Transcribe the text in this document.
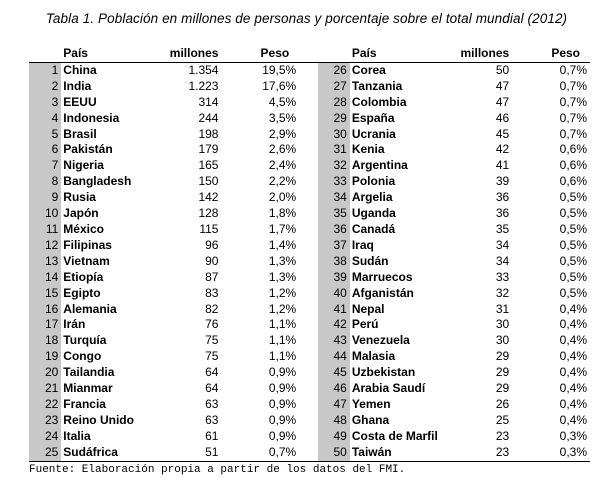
Tabla 1. Población en millones de personas y porcentaje sobre el total mundial (2012)
	País	millones	Peso			País	millones	Peso
1	China	1.354	19,5%		26	Corea	50	0,7%
2	India	1.223	17,6%		27	Tanzania	47	0,7%
3	EEUU	314	4,5%		28	Colombia	47	0,7%
4	Indonesia	244	3,5%		29	España	46	0,7%
5	Brasil	198	2,9%		30	Ucrania	45	0,7%
6	Pakistán	179	2,6%		31	Kenia	42	0,6%
7	Nigeria	165	2,4%		32	Argentina	41	0,6%
8	Bangladesh	150	2,2%		33	Polonia	39	0,6%
9	Rusia	142	2,0%		34	Argelia	36	0,5%
10	Japón	128	1,8%		35	Uganda	36	0,5%
11	México	115	1,7%		36	Canadá	35	0,5%
12	Filipinas	96	1,4%		37	Iraq	34	0,5%
13	Vietnam	90	1,3%		38	Sudán	34	0,5%
14	Etiopía	87	1,3%		39	Marruecos	33	0,5%
15	Egipto	83	1,2%		40	Afganistán	32	0,5%
16	Alemania	82	1,2%		41	Nepal	31	0,4%
17	Irán	76	1,1%		42	Perú	30	0,4%
18	Turquía	75	1,1%		43	Venezuela	30	0,4%
19	Congo	75	1,1%		44	Malasia	29	0,4%
20	Tailandia	64	0,9%		45	Uzbekistan	29	0,4%
21	Mianmar	64	0,9%		46	Arabia Saudí	29	0,4%
22	Francia	63	0,9%		47	Yemen	26	0,4%
23	Reino Unido	63	0,9%		48	Ghana	25	0,4%
24	Italia	61	0,9%		49	Costa de Marfil	23	0,3%
25	Sudáfrica	51	0,7%		50	Taiwán	23	0,3%
Fuente: Elaboración propia a partir de los datos del FMI.
